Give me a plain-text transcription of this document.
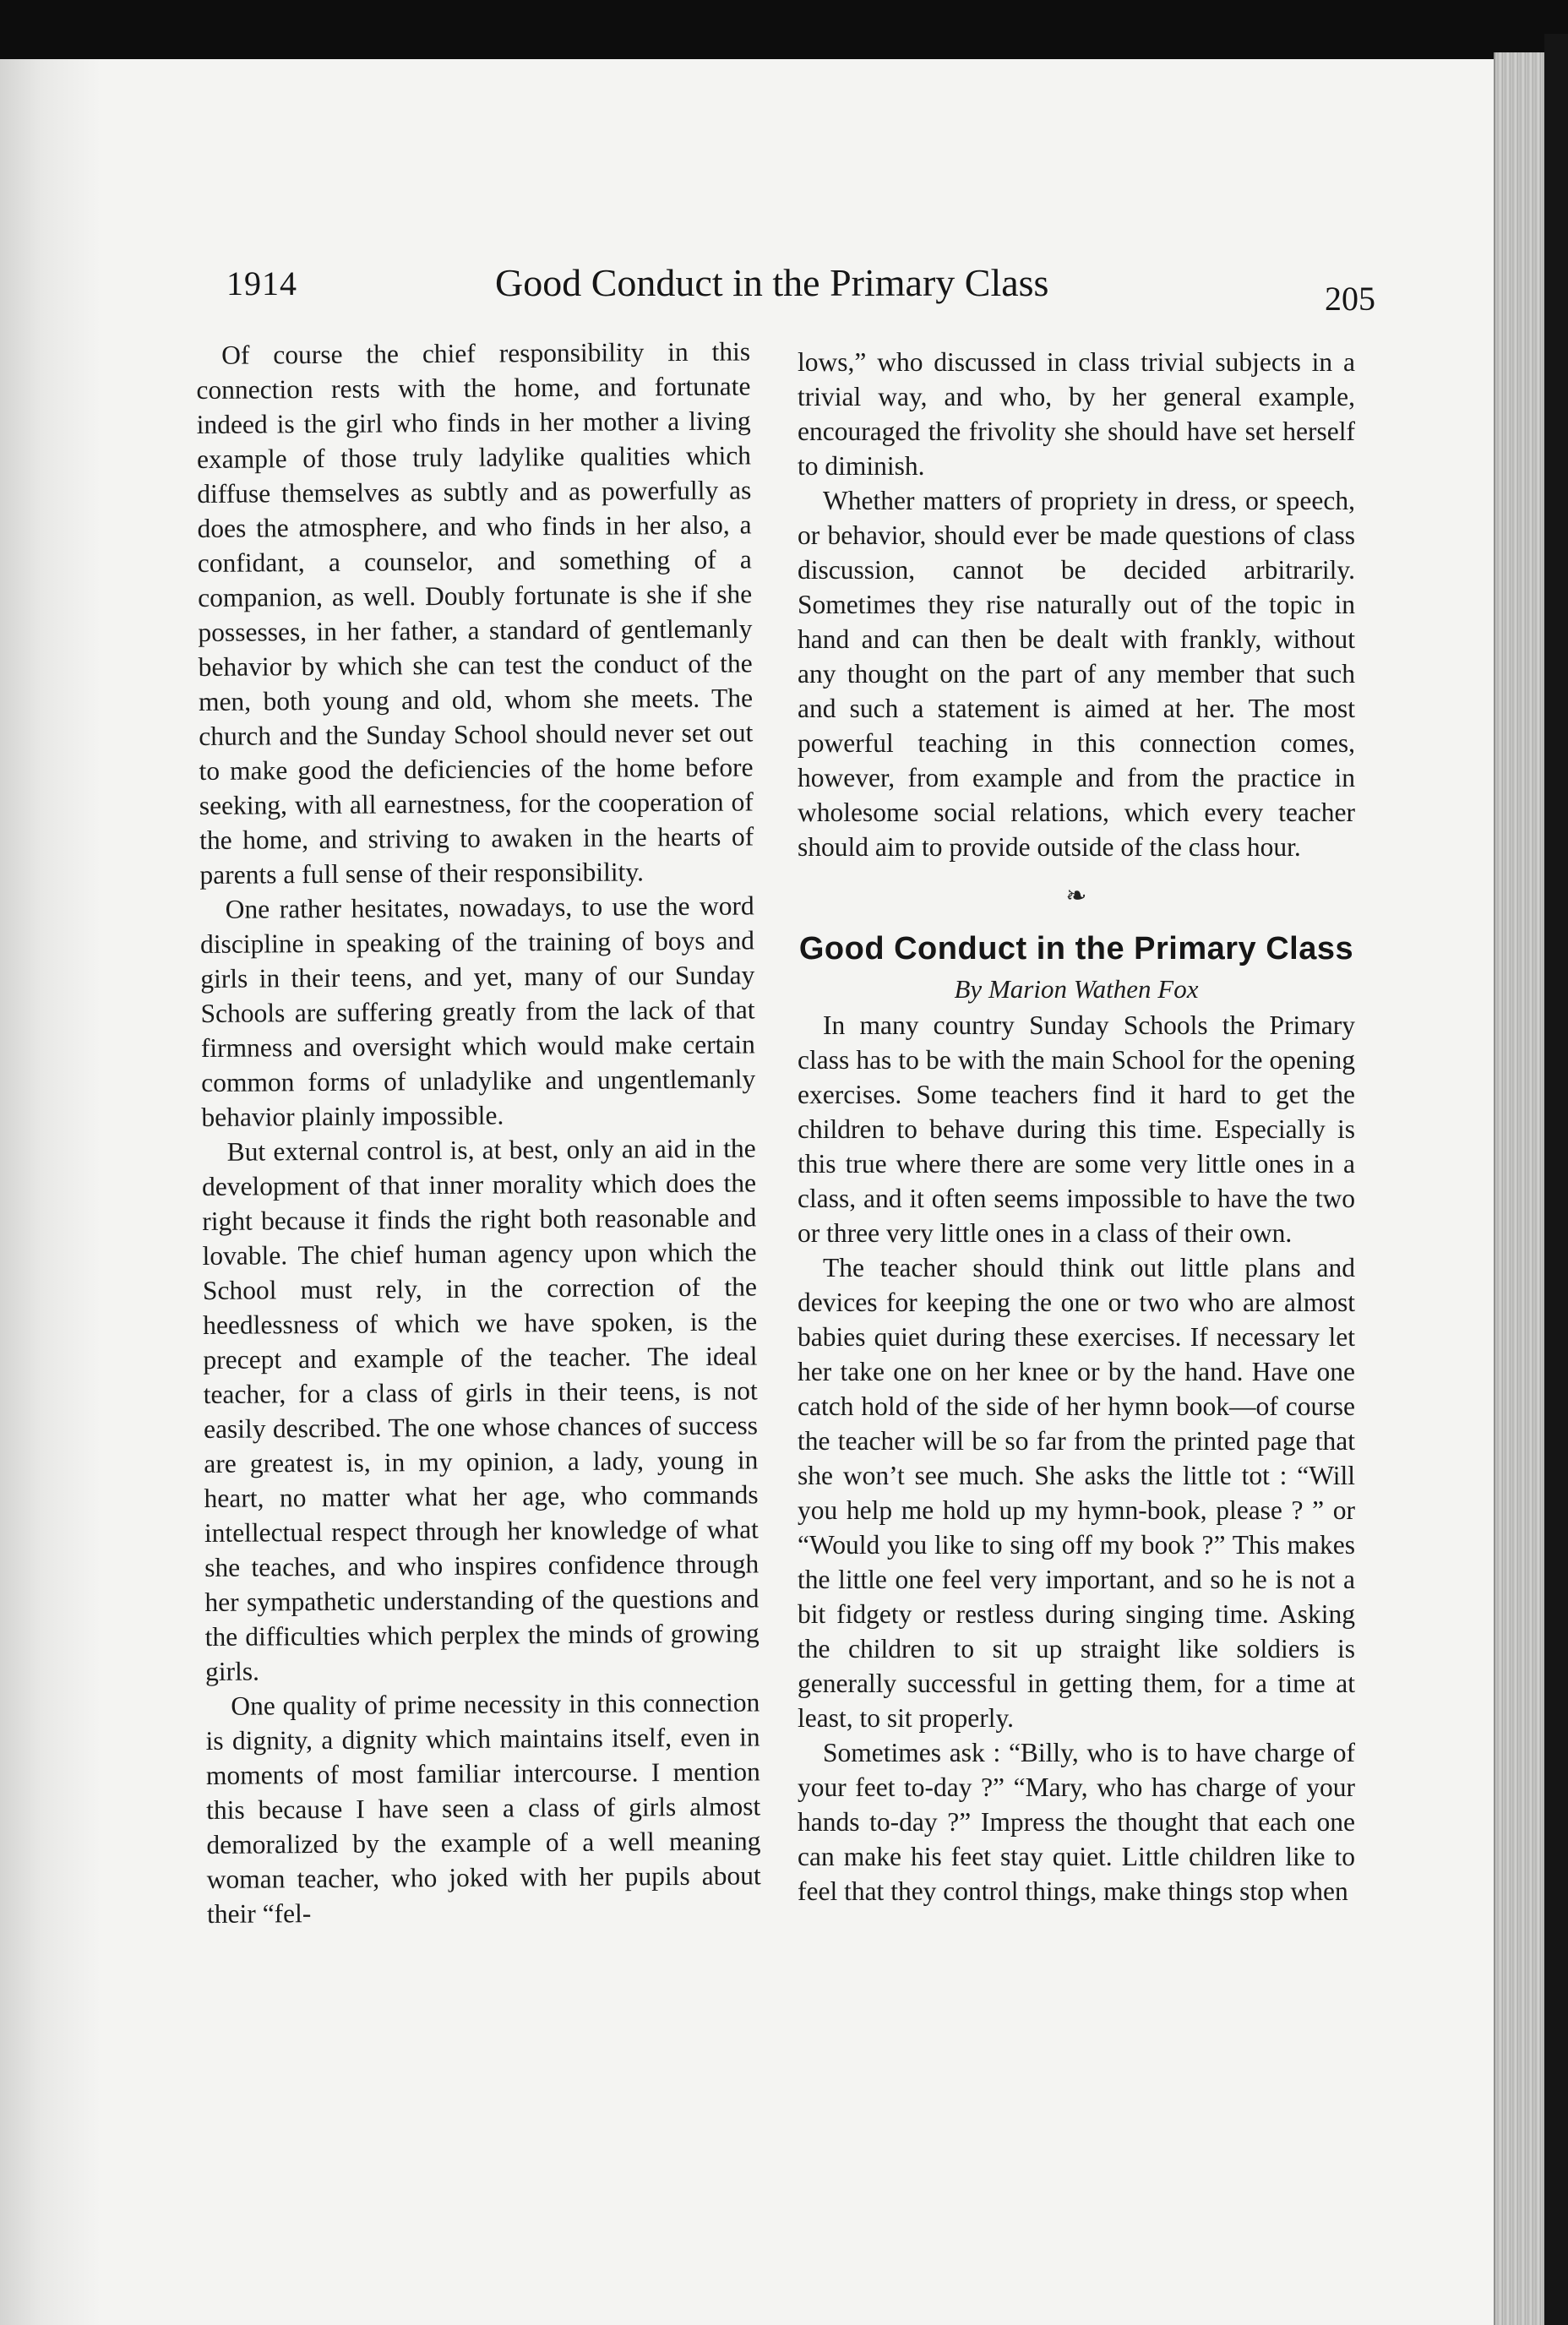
1914	Good Conduct in the Primary Class	205

Of course the chief responsibility in this connection rests with the home, and fortunate indeed is the girl who finds in her mother a living example of those truly ladylike qualities which diffuse themselves as subtly and as powerfully as does the atmosphere, and who finds in her also, a confidant, a counselor, and something of a companion, as well. Doubly fortunate is she if she possesses, in her father, a standard of gentlemanly behavior by which she can test the conduct of the men, both young and old, whom she meets. The church and the Sunday School should never set out to make good the deficiencies of the home before seeking, with all earnestness, for the cooperation of the home, and striving to awaken in the hearts of parents a full sense of their responsibility.

One rather hesitates, nowadays, to use the word discipline in speaking of the training of boys and girls in their teens, and yet, many of our Sunday Schools are suffering greatly from the lack of that firmness and oversight which would make certain common forms of unladylike and ungentlemanly behavior plainly impossible.

But external control is, at best, only an aid in the development of that inner morality which does the right because it finds the right both reasonable and lovable. The chief human agency upon which the School must rely, in the correction of the heedlessness of which we have spoken, is the precept and example of the teacher. The ideal teacher, for a class of girls in their teens, is not easily described. The one whose chances of success are greatest is, in my opinion, a lady, young in heart, no matter what her age, who commands intellectual respect through her knowledge of what she teaches, and who inspires confidence through her sympathetic understanding of the questions and the difficulties which perplex the minds of growing girls.

One quality of prime necessity in this connection is dignity, a dignity which maintains itself, even in moments of most familiar intercourse. I mention this because I have seen a class of girls almost demoralized by the example of a well meaning woman teacher, who joked with her pupils about their “fel-

lows,” who discussed in class trivial subjects in a trivial way, and who, by her general example, encouraged the frivolity she should have set herself to diminish.

Whether matters of propriety in dress, or speech, or behavior, should ever be made questions of class discussion, cannot be decided arbitrarily. Sometimes they rise naturally out of the topic in hand and can then be dealt with frankly, without any thought on the part of any member that such and such a statement is aimed at her. The most powerful teaching in this connection comes, however, from example and from the practice in wholesome social relations, which every teacher should aim to provide outside of the class hour.

❧
Good Conduct in the Primary Class
By Marion Wathen Fox

In many country Sunday Schools the Primary class has to be with the main School for the opening exercises. Some teachers find it hard to get the children to behave during this time. Especially is this true where there are some very little ones in a class, and it often seems impossible to have the two or three very little ones in a class of their own.

The teacher should think out little plans and devices for keeping the one or two who are almost babies quiet during these exercises. If necessary let her take one on her knee or by the hand. Have one catch hold of the side of her hymn book—of course the teacher will be so far from the printed page that she won’t see much. She asks the little tot : “Will you help me hold up my hymn-book, please ? ” or “Would you like to sing off my book ?” This makes the little one feel very important, and so he is not a bit fidgety or restless during singing time. Asking the children to sit up straight like soldiers is generally successful in getting them, for a time at least, to sit properly.

Sometimes ask : “Billy, who is to have charge of your feet to-day ?” “Mary, who has charge of your hands to-day ?” Impress the thought that each one can make his feet stay quiet. Little children like to feel that they control things, make things stop when
